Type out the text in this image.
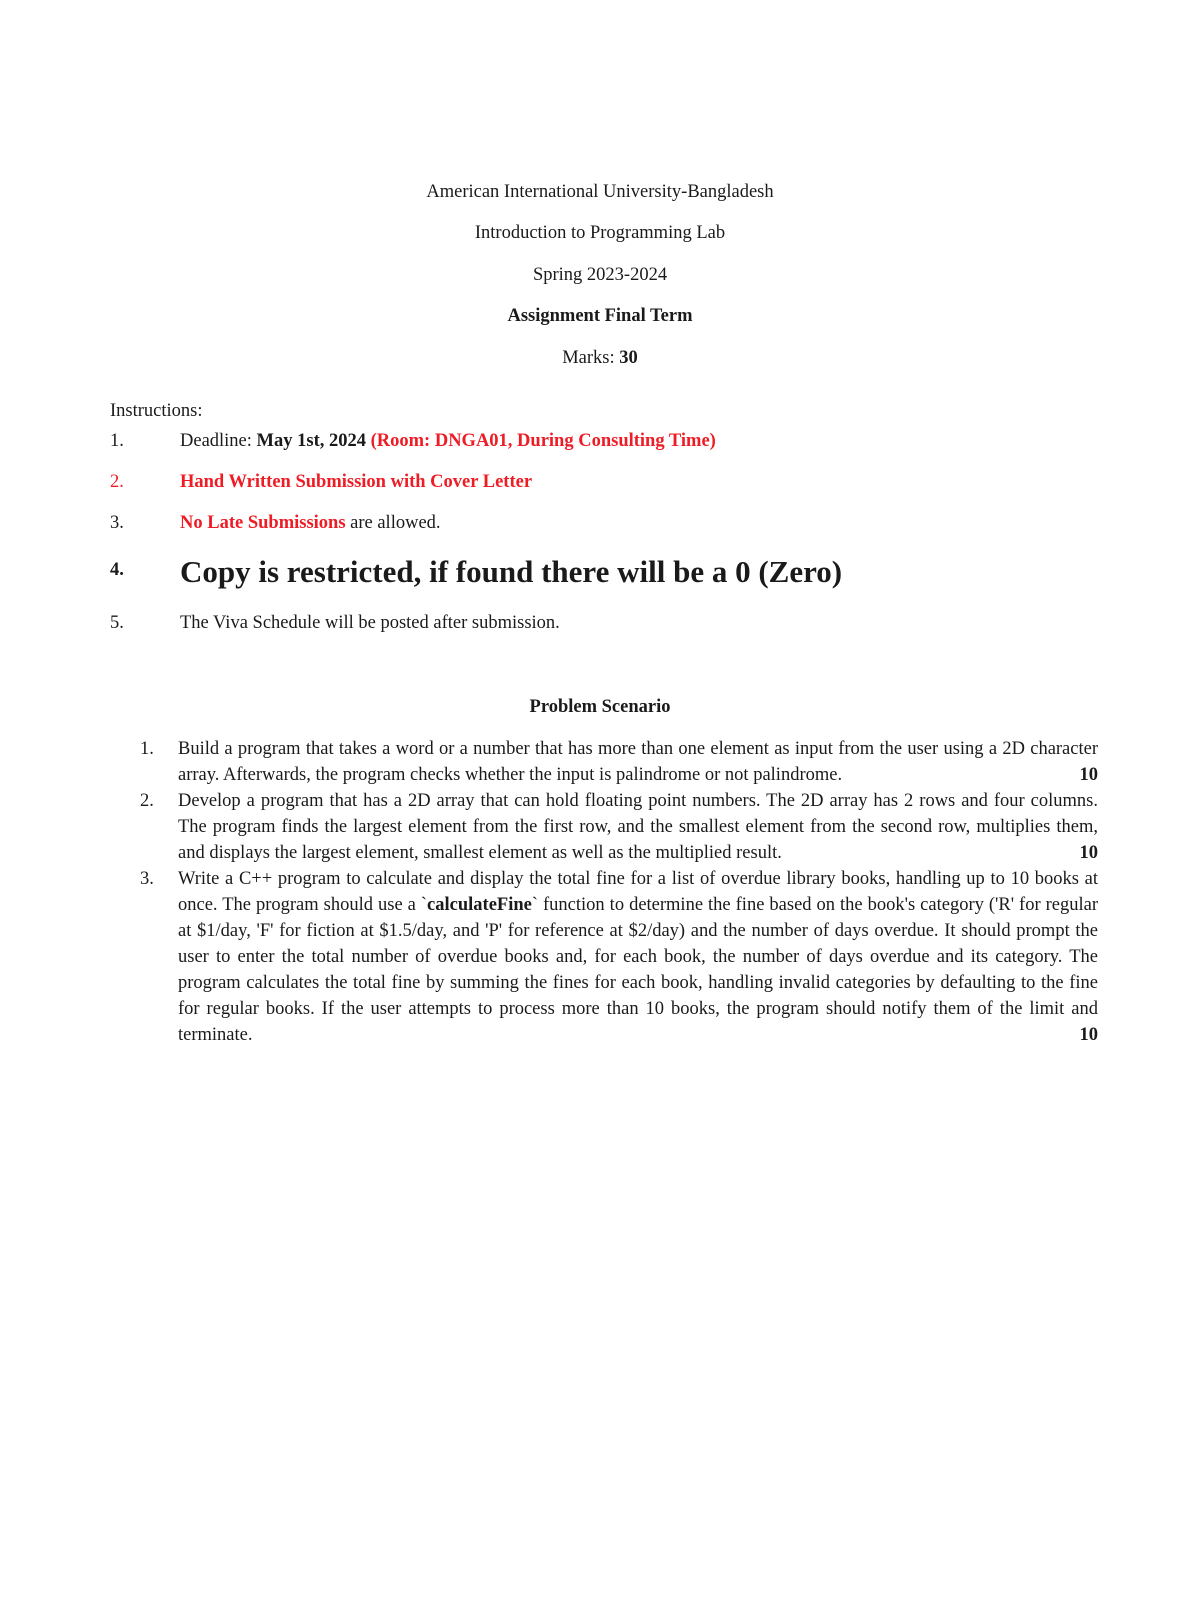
American International University-Bangladesh
Introduction to Programming Lab
Spring 2023-2024
Assignment Final Term
Marks: 30
Instructions:
1.	Deadline: May 1st, 2024 (Room: DNGA01, During Consulting Time)
2.	Hand Written Submission with Cover Letter
3.	No Late Submissions are allowed.
4. Copy is restricted, if found there will be a 0 (Zero)
5.	The Viva Schedule will be posted after submission.
Problem Scenario
1. Build a program that takes a word or a number that has more than one element as input from the user using a 2D character array. Afterwards, the program checks whether the input is palindrome or not palindrome.	10
2. Develop a program that has a 2D array that can hold floating point numbers. The 2D array has 2 rows and four columns. The program finds the largest element from the first row, and the smallest element from the second row, multiplies them, and displays the largest element, smallest element as well as the multiplied result.	10
3. Write a C++ program to calculate and display the total fine for a list of overdue library books, handling up to 10 books at once. The program should use a `calculateFine` function to determine the fine based on the book's category ('R' for regular at $1/day, 'F' for fiction at $1.5/day, and 'P' for reference at $2/day) and the number of days overdue. It should prompt the user to enter the total number of overdue books and, for each book, the number of days overdue and its category. The program calculates the total fine by summing the fines for each book, handling invalid categories by defaulting to the fine for regular books. If the user attempts to process more than 10 books, the program should notify them of the limit and terminate.	10
